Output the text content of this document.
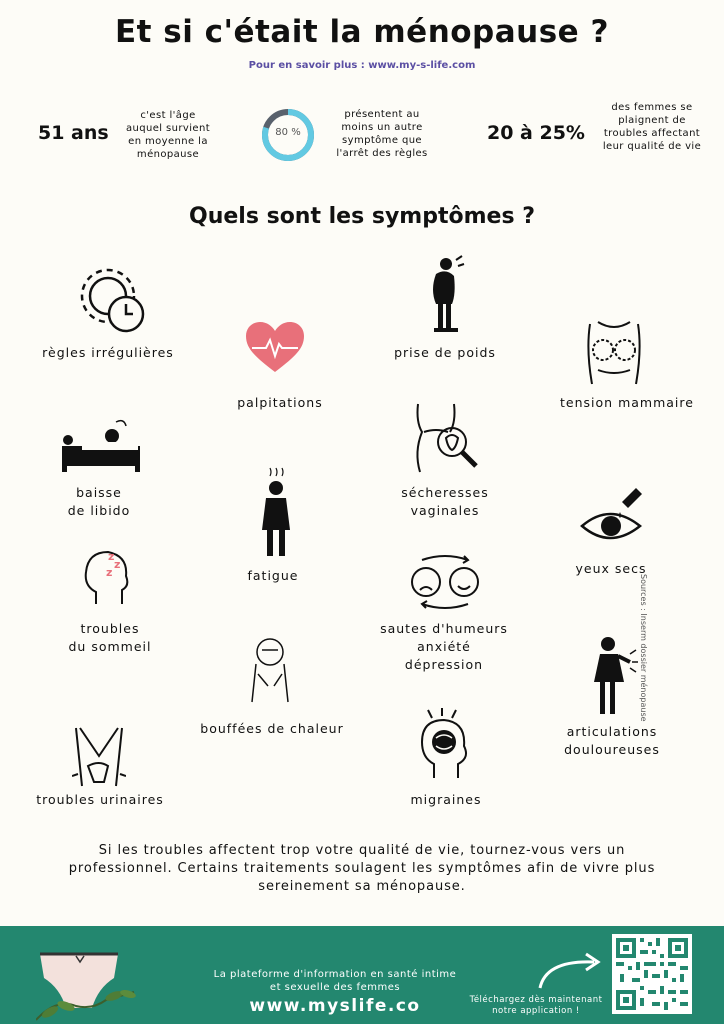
Et si c'était la ménopause ?
Pour en savoir plus : www.my-s-life.com
51 ans
c'est l'âge
auquel survient
en moyenne la
ménopause
80 %
présentent au
moins un autre
symptôme que
l'arrêt des règles
20 à 25%
des femmes se
plaignent de
troubles affectant
leur qualité de vie
Quels sont les symptômes ?
z
z
z
règles irrégulières
palpitations
prise de poids
tension mammaire
baisse
de libido
fatigue
sécheresses
vaginales
yeux secs
troubles
du sommeil
sautes d'humeurs
anxiété
dépression
bouffées de chaleur	articulations
douloureuses
troubles urinaires	migraines
Sources : Inserm dossier ménopause
Si les troubles affectent trop votre qualité de vie, tournez-vous vers un
professionnel. Certains traitements soulagent les symptômes afin de vivre plus
sereinement sa ménopause.
La plateforme d'information en santé intime
et sexuelle des femmes
www.myslife.co	Téléchargez dès maintenant
notre application !
